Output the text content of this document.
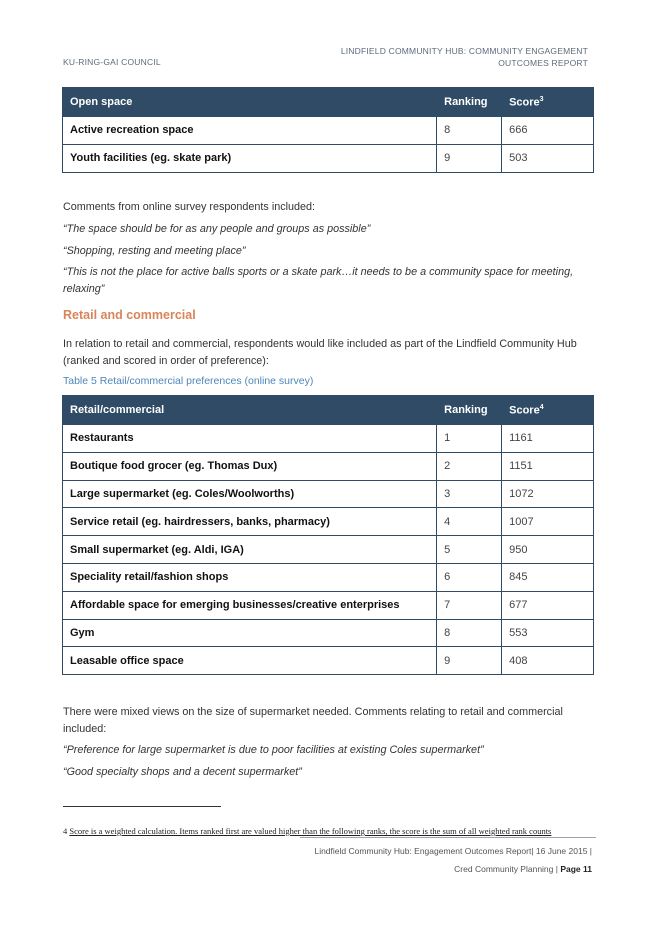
KU-RING-GAI COUNCIL
LINDFIELD COMMUNITY HUB: COMMUNITY ENGAGEMENT
OUTCOMES REPORT
Open space	Ranking	Score$^3$
Active recreation space	8	666
Youth facilities (eg. skate park)	9	503
Comments from online survey respondents included:
“The space should be for as any people and groups as possible”
“Shopping, resting and meeting place”
“This is not the place for active balls sports or a skate park…it needs to be a community space for meeting, relaxing”
Retail and commercial
In relation to retail and commercial, respondents would like included as part of the Lindfield Community Hub (ranked and scored in order of preference):
Table 5 Retail/commercial preferences (online survey)
Retail/commercial	Ranking	Score$^4$
Restaurants	1	1161
Boutique food grocer (eg. Thomas Dux)	2	1151
Large supermarket (eg. Coles/Woolworths)	3	1072
Service retail (eg. hairdressers, banks, pharmacy)	4	1007
Small supermarket (eg. Aldi, IGA)	5	950
Speciality retail/fashion shops	6	845
Affordable space for emerging businesses/creative enterprises	7	677
Gym	8	553
Leasable office space	9	408
There were mixed views on the size of supermarket needed. Comments relating to retail and commercial included:
“Preference for large supermarket is due to poor facilities at existing Coles supermarket”
“Good specialty shops and a decent supermarket”
4 Score is a weighted calculation. Items ranked first are valued higher than the following ranks, the score is the sum of all weighted rank counts
Lindfield Community Hub: Engagement Outcomes Report| 16 June 2015 |
Cred Community Planning | Page 11
